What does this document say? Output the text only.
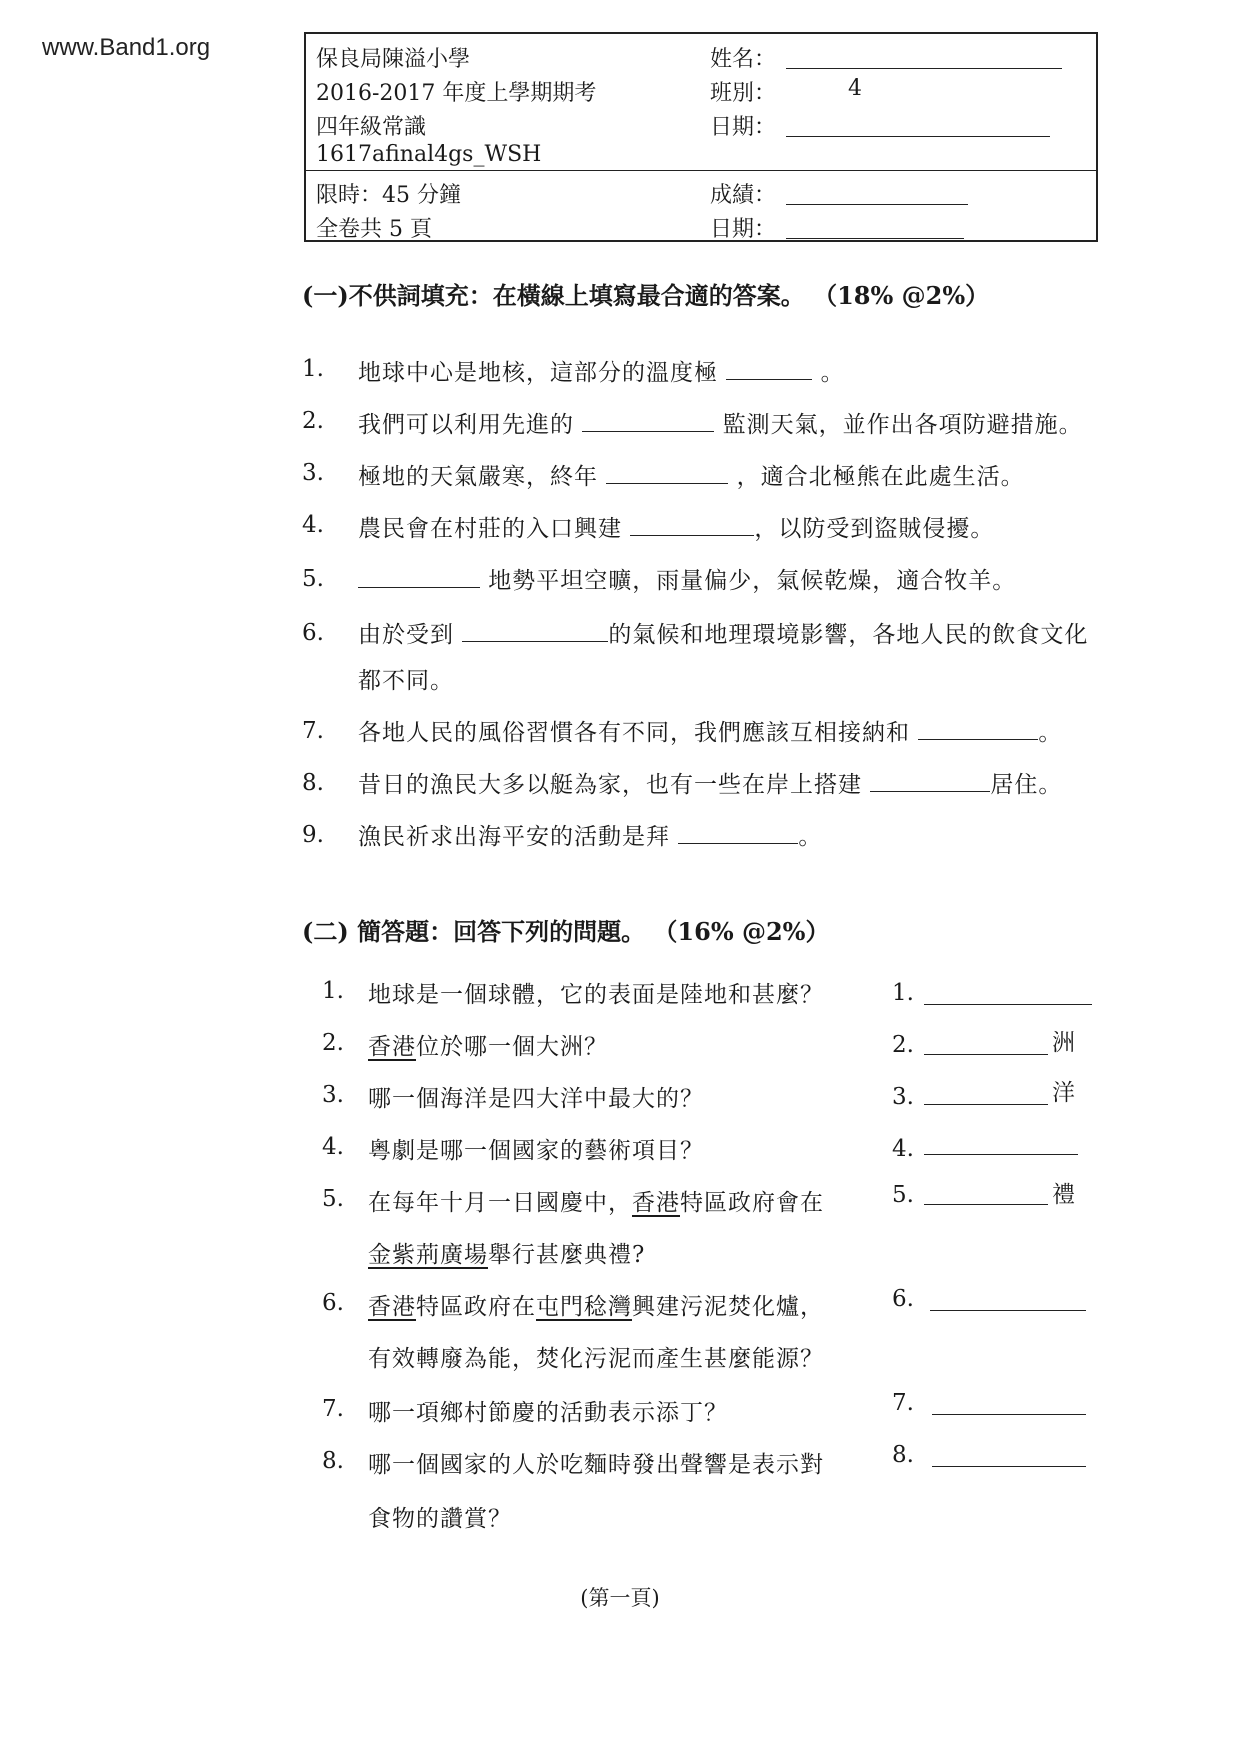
www.Band1.org	保良局陳溢小學
2016-2017 年度上學期期考
四年級常識
1617afinal4gs_WSH
限時：45 分鐘
全卷共 5 頁
姓名：
班別：	4
日期：
成績：
日期：
(一)不供詞填充：在橫線上填寫最合適的答案。 （18% @2%）
1. 地球中心是地核，這部分的溫度極	。
2. 我們可以利用先進的	監測天氣，並作出各項防避措施。
3. 極地的天氣嚴寒，終年	，適合北極熊在此處生活。
4. 農民會在村莊的入口興建	，以防受到盜賊侵擾。
5.	地勢平坦空曠，雨量偏少，氣候乾燥，適合牧羊。
6. 由於受到	的氣候和地理環境影響，各地人民的飲食文化
都不同。
7. 各地人民的風俗習慣各有不同，我們應該互相接納和	。
8. 昔日的漁民大多以艇為家，也有一些在岸上搭建	居住。
9. 漁民祈求出海平安的活動是拜	。
(二) 簡答題：回答下列的問題。 （16% @2%）
1. 地球是一個球體，它的表面是陸地和甚麼？	1.
2. 香港位於哪一個大洲？	2.	洲
3. 哪一個海洋是四大洋中最大的？	3.	洋
4. 粵劇是哪一個國家的藝術項目？	4.
5. 在每年十月一日國慶中，香港特區政府會在
金紫荊廣場舉行甚麼典禮?
5.	禮
6. 香港特區政府在屯門稔灣興建污泥焚化爐，
有效轉廢為能，焚化污泥而產生甚麼能源？
6.
7. 哪一項鄉村節慶的活動表示添丁？	7.
8. 哪一個國家的人於吃麵時發出聲響是表示對
食物的讚賞？
8.
(第一頁)
